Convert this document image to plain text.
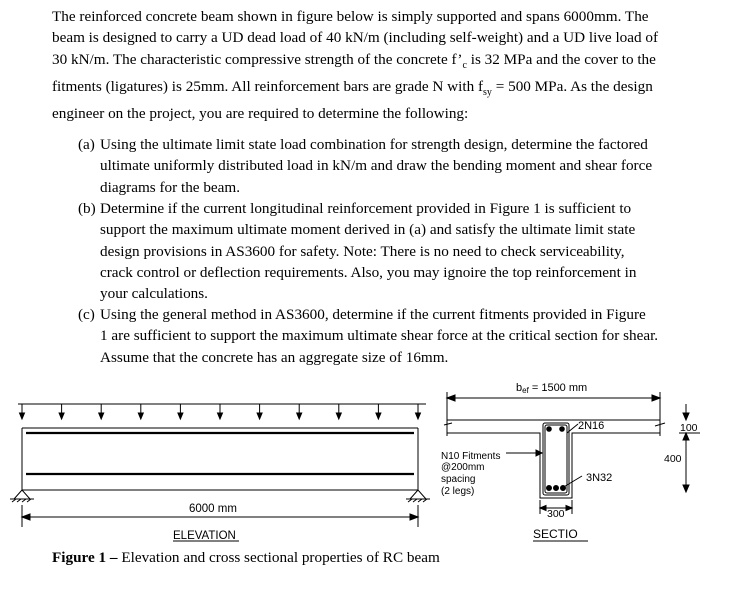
The reinforced concrete beam shown in figure below is simply supported and spans 6000mm. The
beam is designed to carry a UD dead load of 40 kN/m (including self-weight) and a UD live load of
30 kN/m. The characteristic compressive strength of the concrete $f’_c$ is 32 MPa and the cover to the
fitments (ligatures) is 25mm. All reinforcement bars are grade N with $f_{sy} = 500$ MPa. As the design
engineer on the project, you are required to determine the following:

(a) Using the ultimate limit state load combination for strength design, determine the factored
ultimate uniformly distributed load in kN/m and draw the bending moment and shear force
diagrams for the beam.
(b) Determine if the current longitudinal reinforcement provided in Figure 1 is sufficient to
support the maximum ultimate moment derived in (a) and satisfy the ultimate limit state
design provisions in AS3600 for safety. Note: There is no need to check serviceability,
crack control or deflection requirements. Also, you may ignoire the top reinforcement in
your calculations.
(c) Using the general method in AS3600, determine if the current fitments provided in Figure
1 are sufficient to support the maximum ultimate shear force at the critical section for shear.
Assume that the concrete has an aggregate size of 16mm.
6000 mm
ELEVATION
N10 Fitments
@200mm
spacing
(2 legs)
bef = 1500 mm
2N16
3N32
100
400
300
SECTIO

Figure 1 – Elevation and cross sectional properties of RC beam
